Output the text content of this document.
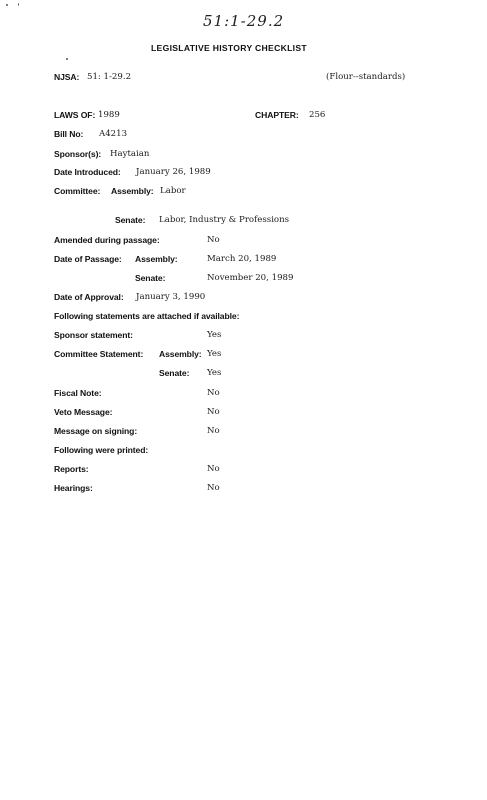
51:1-29.2
LEGISLATIVE HISTORY CHECKLIST
NJSA: 51: 1-29.2	(Flour--standards)
LAWS OF: 1989	CHAPTER: 256
Bill No: A4213
Sponsor(s): Haytaian
Date Introduced: January 26, 1989
Committee: Assembly: Labor
Senate: Labor, Industry & Professions
Amended during passage:	No
Date of Passage: Assembly:	March 20, 1989
Senate:	November 20, 1989
Date of Approval: January 3, 1990
Following statements are attached if available:
Sponsor statement:	Yes
Committee Statement: Assembly: Yes
Senate: Yes
Fiscal Note:	No
Veto Message:	No
Message on signing:	No
Following were printed:
Reports:	No
Hearings:	No
